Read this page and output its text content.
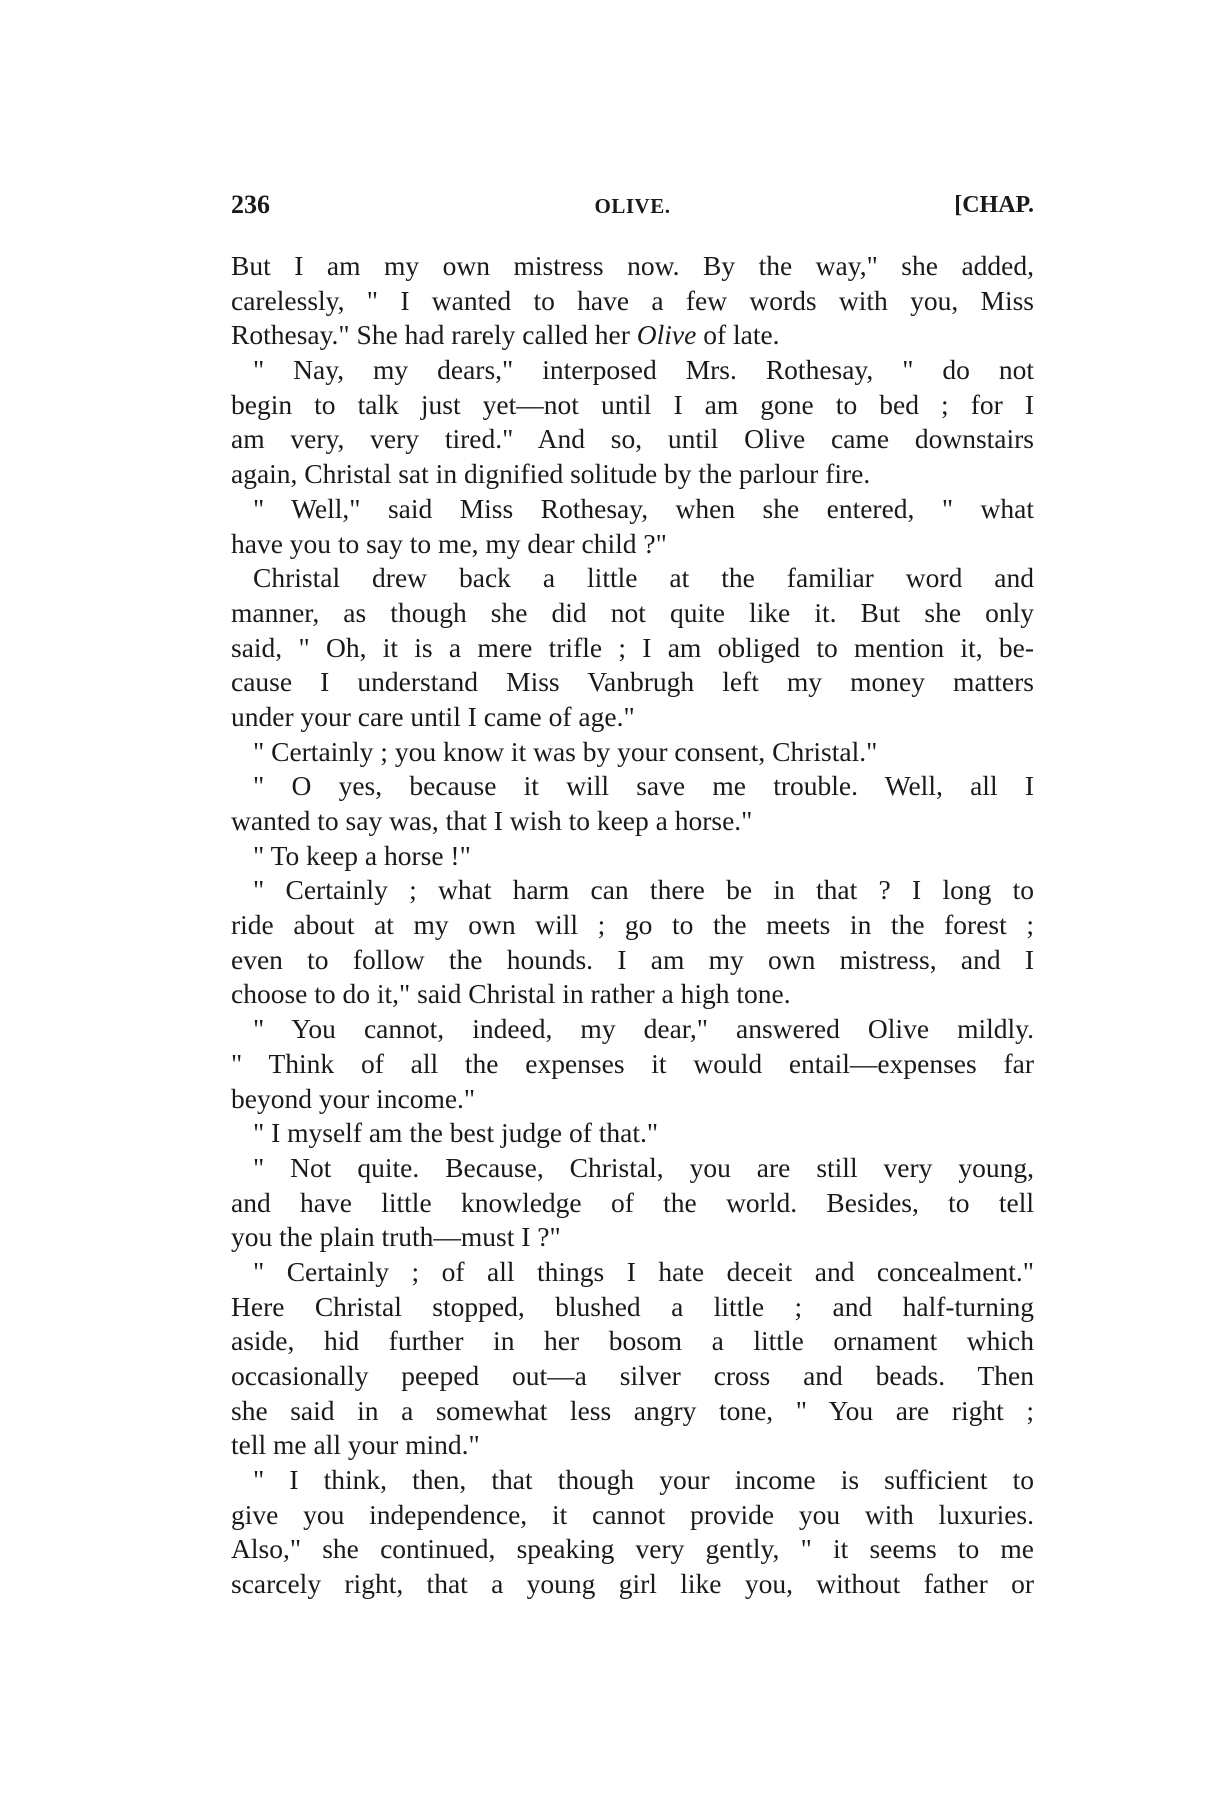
236	OLIVE.	[CHAP.
But I am my own mistress now. By the way," she added,
carelessly, " I wanted to have a few words with you, Miss
Rothesay." She had rarely called her Olive of late.
" Nay, my dears," interposed Mrs. Rothesay, " do not
begin to talk just yet—not until I am gone to bed ; for I
am very, very tired." And so, until Olive came downstairs
again, Christal sat in dignified solitude by the parlour fire.
" Well," said Miss Rothesay, when she entered, " what
have you to say to me, my dear child ?"
Christal drew back a little at the familiar word and
manner, as though she did not quite like it. But she only
said, " Oh, it is a mere trifle ; I am obliged to mention it, be-
cause I understand Miss Vanbrugh left my money matters
under your care until I came of age."
" Certainly ; you know it was by your consent, Christal."
" O yes, because it will save me trouble. Well, all I
wanted to say was, that I wish to keep a horse."
" To keep a horse !"
" Certainly ; what harm can there be in that ? I long to
ride about at my own will ; go to the meets in the forest ;
even to follow the hounds. I am my own mistress, and I
choose to do it," said Christal in rather a high tone.
" You cannot, indeed, my dear," answered Olive mildly.
" Think of all the expenses it would entail—expenses far
beyond your income."
" I myself am the best judge of that."
" Not quite. Because, Christal, you are still very young,
and have little knowledge of the world. Besides, to tell
you the plain truth—must I ?"
" Certainly ; of all things I hate deceit and concealment."
Here Christal stopped, blushed a little ; and half-turning
aside, hid further in her bosom a little ornament which
occasionally peeped out—a silver cross and beads. Then
she said in a somewhat less angry tone, " You are right ;
tell me all your mind."
" I think, then, that though your income is sufficient to
give you independence, it cannot provide you with luxuries.
Also," she continued, speaking very gently, " it seems to me
scarcely right, that a young girl like you, without father or
